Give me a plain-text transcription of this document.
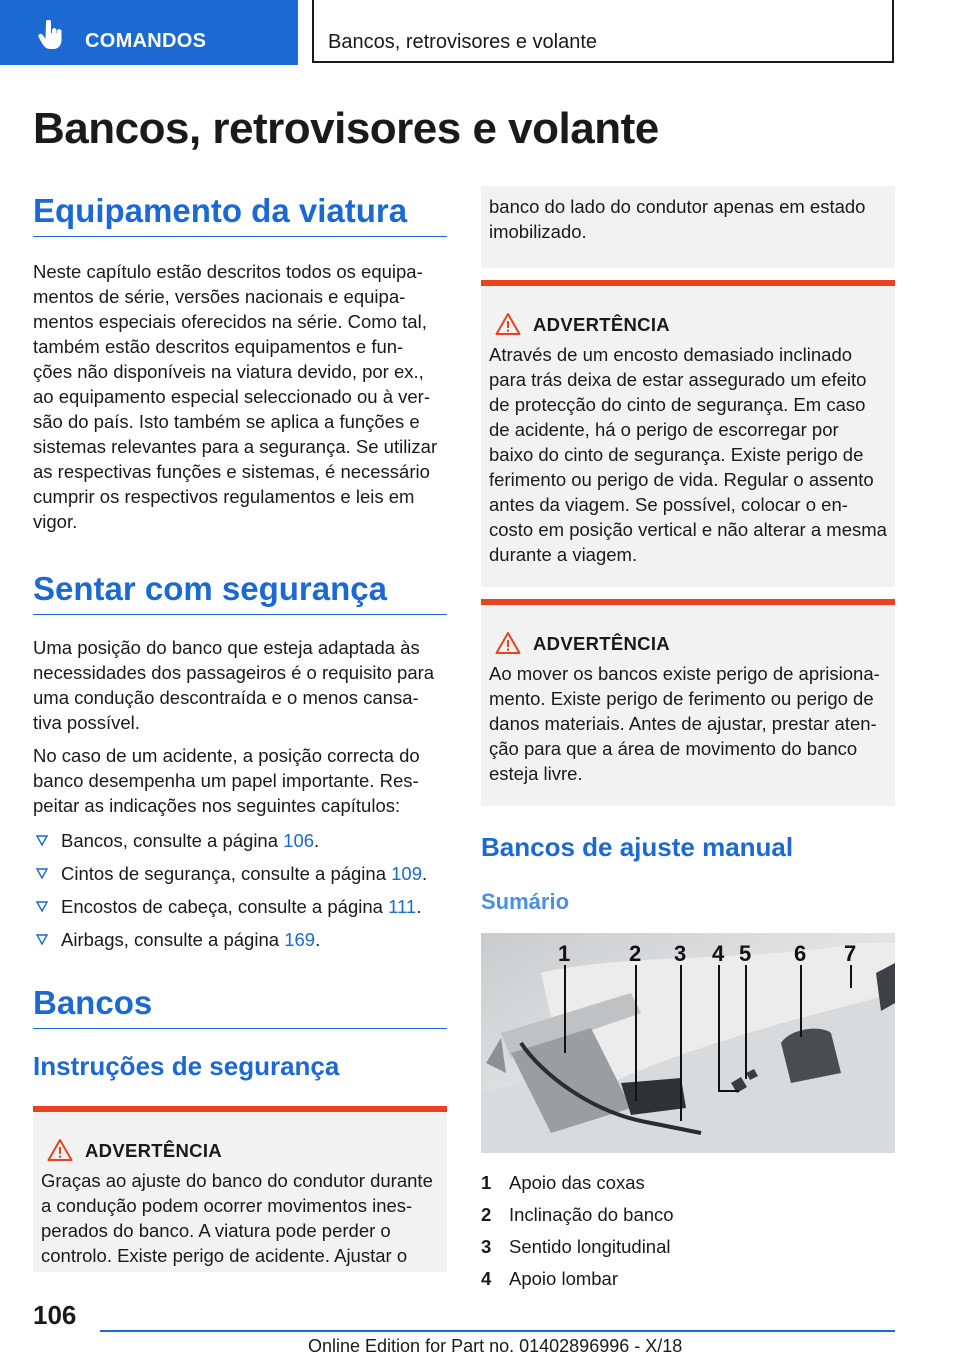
COMANDOS	Bancos, retrovisores e volante
Bancos, retrovisores e volante
Equipamento da viatura

Neste capítulo estão descritos todos os equipa- mentos de série, versões nacionais e equipa- mentos especiais oferecidos na série. Como tal, também estão descritos equipamentos e fun- ções não disponíveis na viatura devido, por ex., ao equipamento especial seleccionado ou à ver- são do país. Isto também se aplica a funções e sistemas relevantes para a segurança. Se utilizar as respectivas funções e sistemas, é necessário cumprir os respectivos regulamentos e leis em vigor.

Sentar com segurança

Uma posição do banco que esteja adaptada às necessidades dos passageiros é o requisito para uma condução descontraída e o menos cansa- tiva possível.

No caso de um acidente, a posição correcta do banco desempenha um papel importante. Res- peitar as indicações nos seguintes capítulos:

Bancos, consulte a página 106.
Cintos de segurança, consulte a página 109.
Encostos de cabeça, consulte a página 111.
Airbags, consulte a página 169.
Bancos
Instruções de segurança
ADVERTÊNCIA

Graças ao ajuste do banco do condutor durante a condução podem ocorrer movimentos ines- perados do banco. A viatura pode perder o controlo. Existe perigo de acidente. Ajustar o

banco do lado do condutor apenas em estado imobilizado.

ADVERTÊNCIA

Através de um encosto demasiado inclinado para trás deixa de estar assegurado um efeito de protecção do cinto de segurança. Em caso de acidente, há o perigo de escorregar por baixo do cinto de segurança. Existe perigo de ferimento ou perigo de vida. Regular o assento antes da viagem. Se possível, colocar o en- costo em posição vertical e não alterar a mesma durante a viagem.

ADVERTÊNCIA

Ao mover os bancos existe perigo de aprisiona- mento. Existe perigo de ferimento ou perigo de danos materiais. Antes de ajustar, prestar aten- ção para que a área de movimento do banco esteja livre.

Bancos de ajuste manual
Sumário
1	2 3 4 5 6 7
1 Apoio das coxas
2 Inclinação do banco
3 Sentido longitudinal
4 Apoio lombar
106
Online Edition for Part no. 01402896996 - X/18
